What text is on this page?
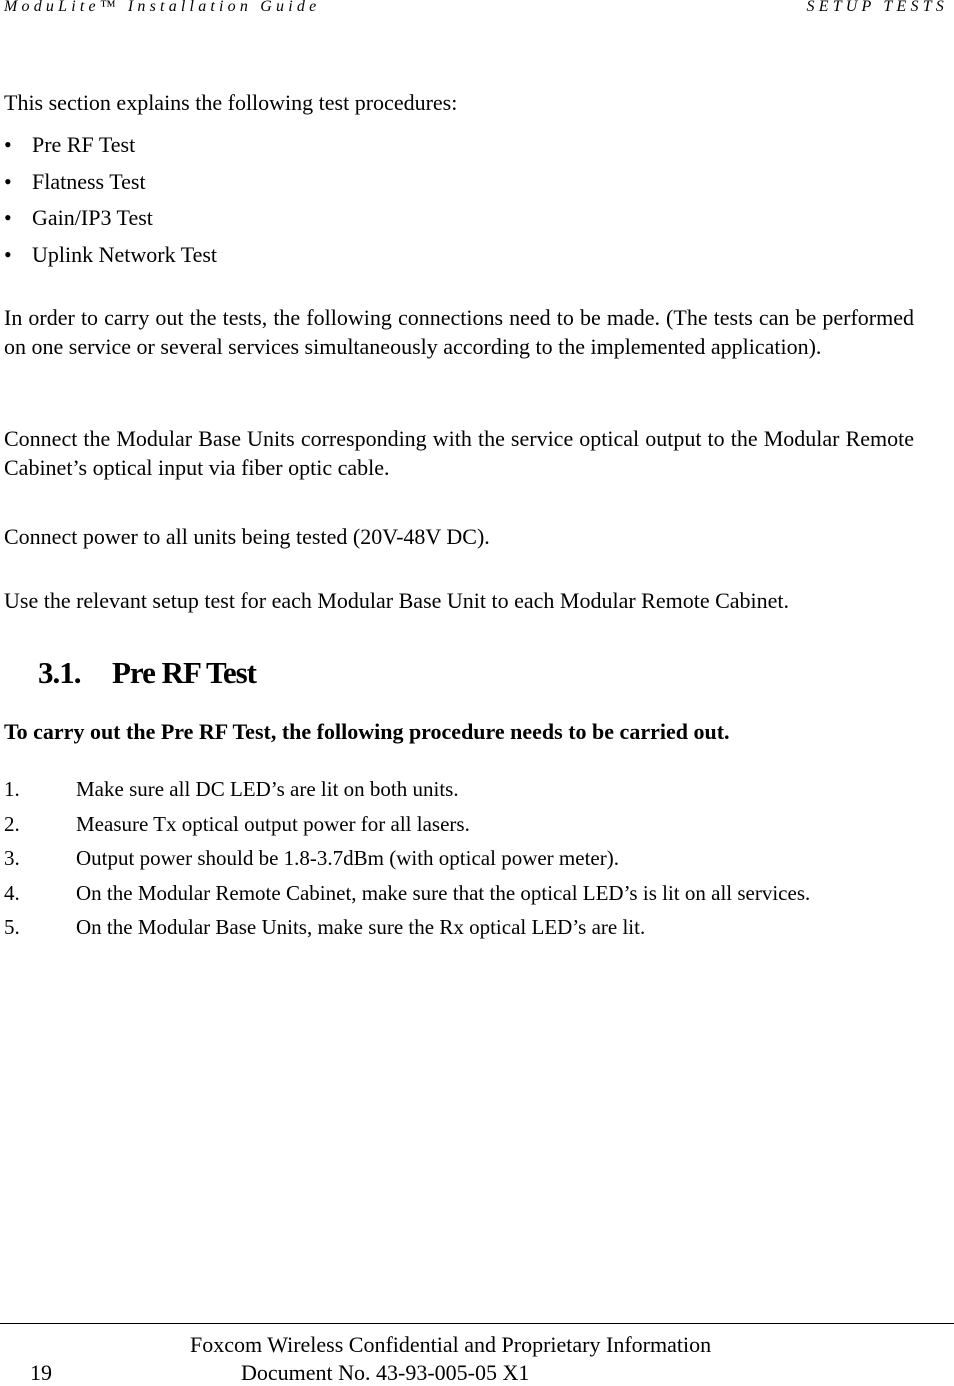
ModuLite™ Installation Guide	SETUP TESTS
This section explains the following test procedures:
• Pre RF Test
• Flatness Test
• Gain/IP3 Test
• Uplink Network Test
In order to carry out the tests, the following connections need to be made. (The tests can be performed on one service or several services simultaneously according to the implemented application).
Connect the Modular Base Units corresponding with the service optical output to the Modular Remote Cabinet’s optical input via fiber optic cable.
Connect power to all units being tested (20V-48V DC).
Use the relevant setup test for each Modular Base Unit to each Modular Remote Cabinet.
3.1. Pre RF Test
To carry out the Pre RF Test, the following procedure needs to be carried out.
1.	Make sure all DC LED’s are lit on both units.
2.	Measure Tx optical output power for all lasers.
3.	Output power should be 1.8-3.7dBm (with optical power meter).
4.	On the Modular Remote Cabinet, make sure that the optical LED’s is lit on all services.
5.	On the Modular Base Units, make sure the Rx optical LED’s are lit.
Foxcom Wireless Confidential and Proprietary Information
19	Document No. 43-93-005-05 X1
